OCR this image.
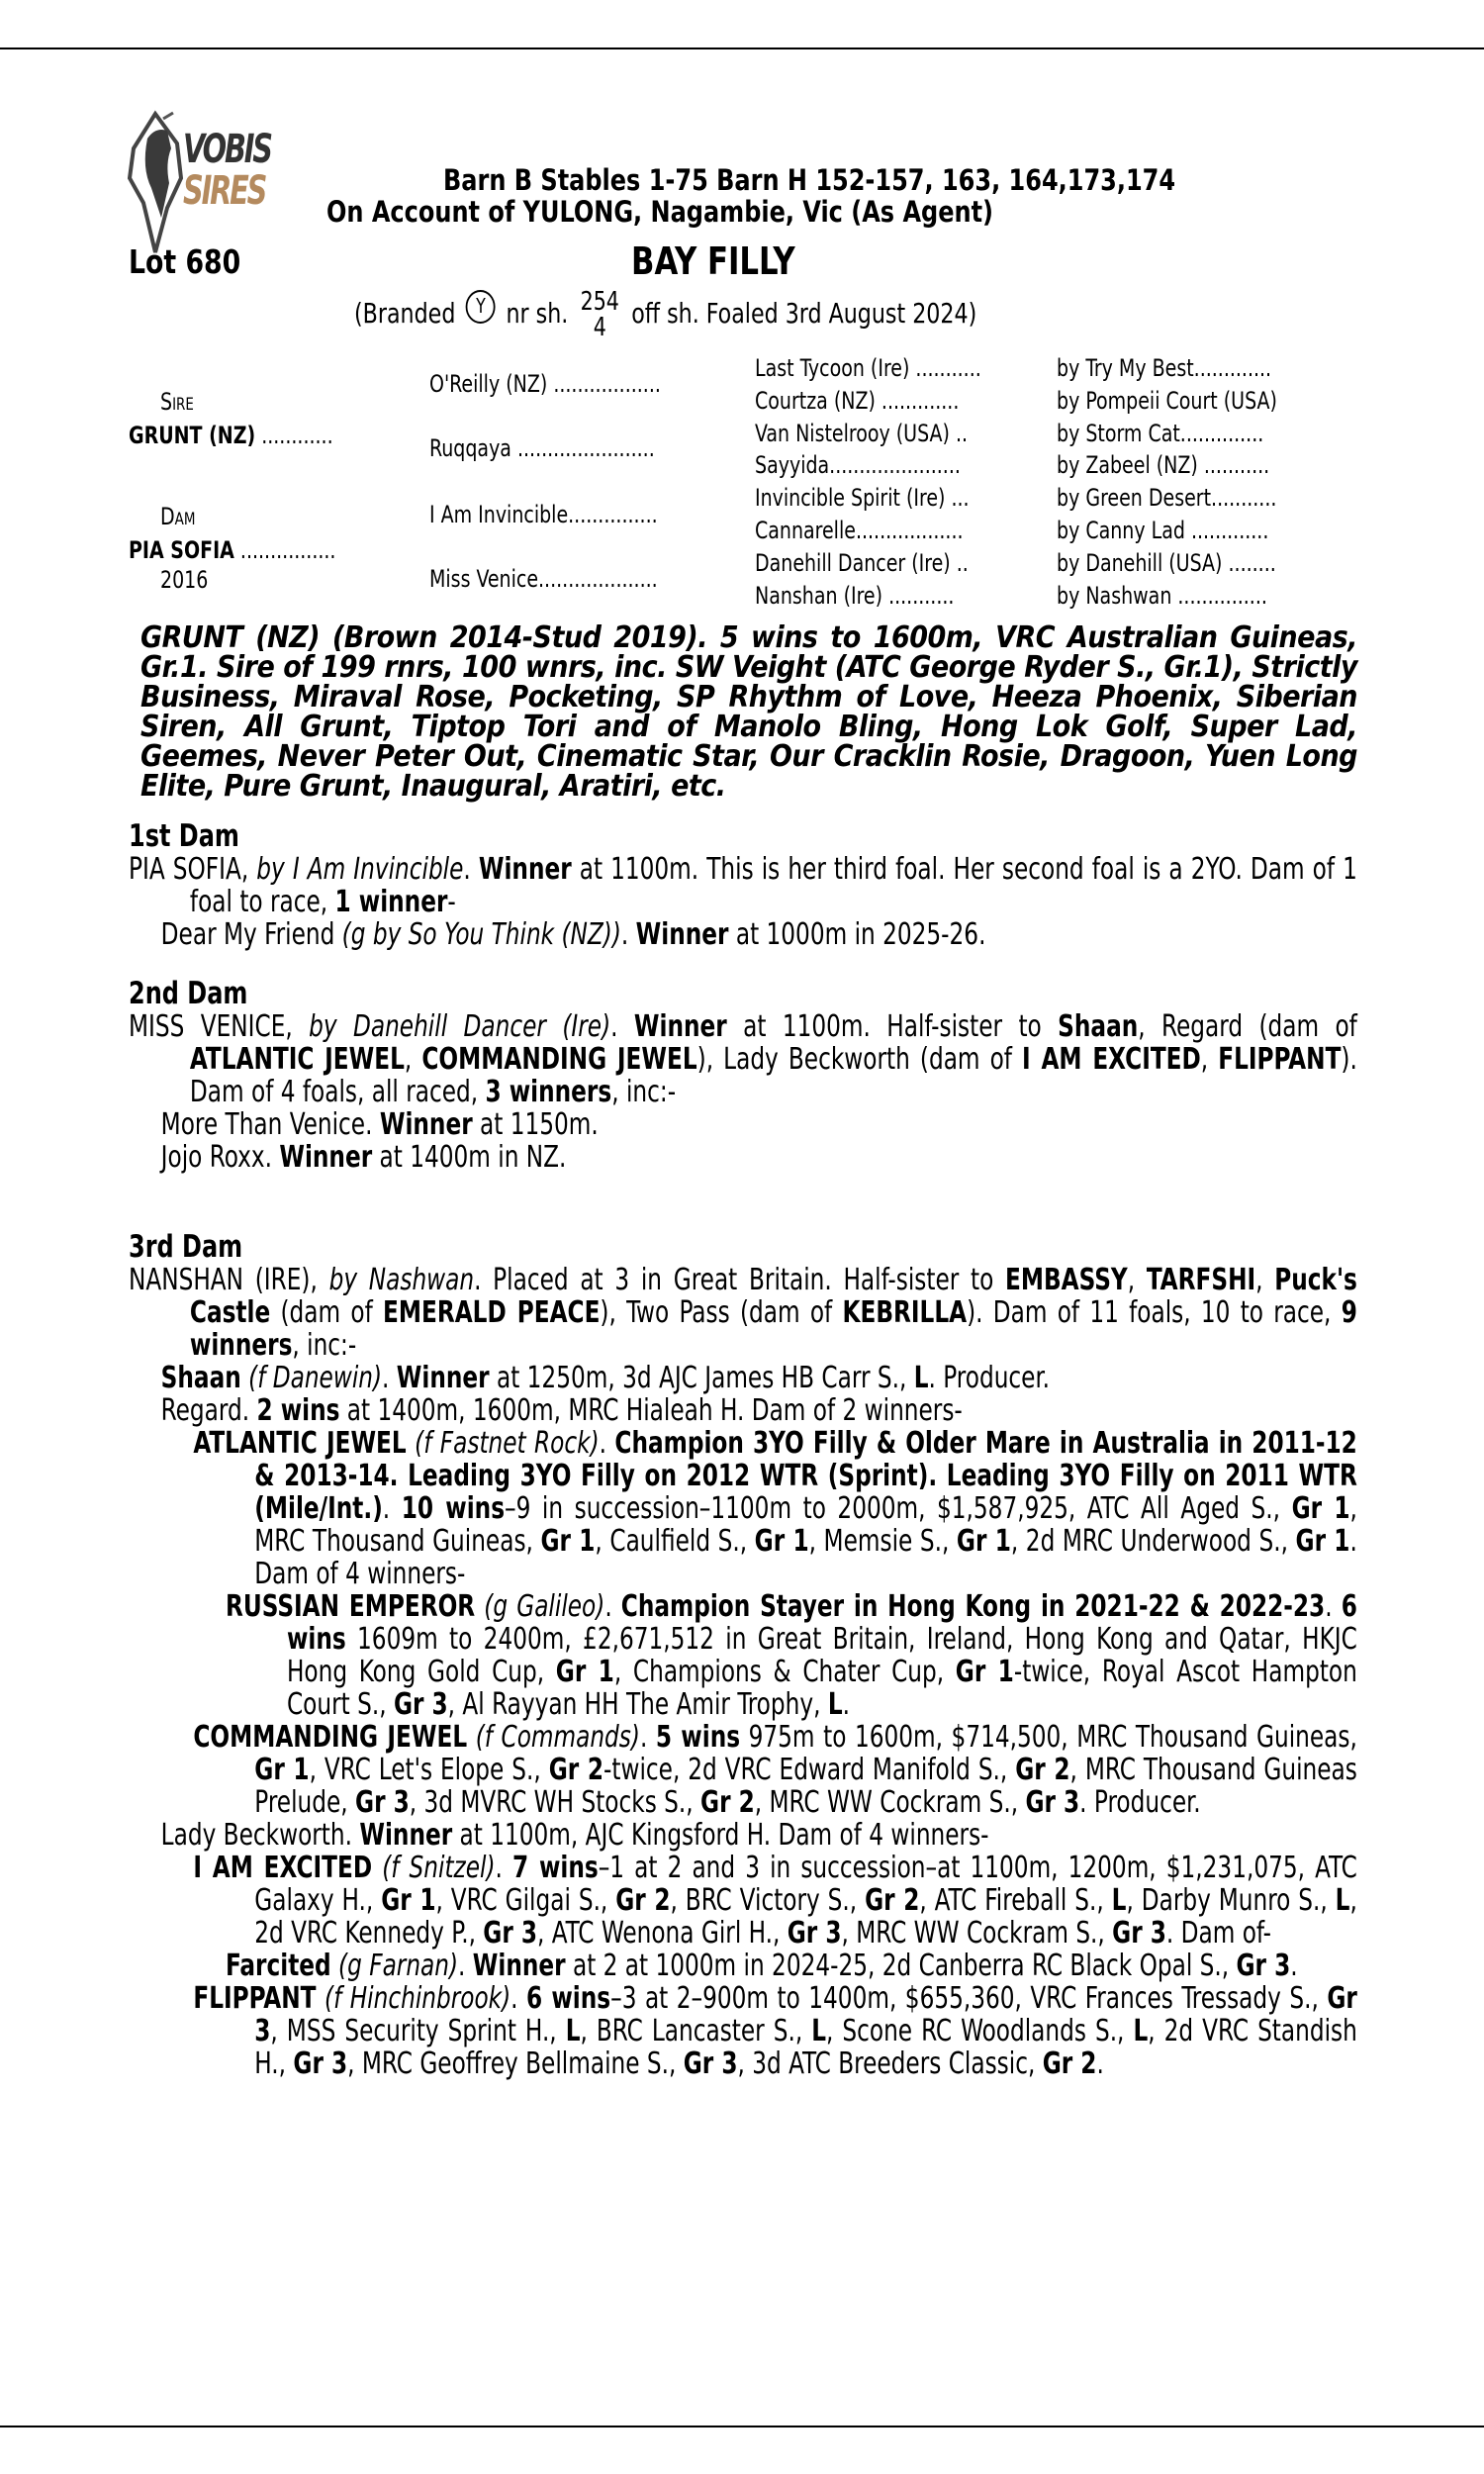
VOBIS
SIRES	Barn B Stables 1-75 Barn H 152-157, 163, 164,173,174
On Account of YULONG, Nagambie, Vic (As Agent)
Lot 680	BAY FILLY
(Branded Y nr sh. 254
4 off sh. Foaled 3rd August 2024)
Sire
GRUNT (NZ) ............
Dam
PIA SOFIA ................
2016
O'Reilly (NZ) ..................
Ruqqaya .......................
I Am Invincible...............
Miss Venice....................
Last Tycoon (Ire) ...........
Courtza (NZ) .............
Van Nistelrooy (USA) ..
Sayyida......................
Invincible Spirit (Ire) ...
Cannarelle..................
Danehill Dancer (Ire) ..
Nanshan (Ire) ...........
by Try My Best.............
by Pompeii Court (USA)
by Storm Cat..............
by Zabeel (NZ) ...........
by Green Desert...........
by Canny Lad .............
by Danehill (USA) ........
by Nashwan ...............
GRUNT (NZ) (Brown 2014-Stud 2019). 5 wins to 1600m, VRC Australian Guineas, Gr.1. Sire of 199 rnrs, 100 wnrs, inc. SW Veight (ATC George Ryder S., Gr.1), Strictly Business, Miraval Rose, Pocketing, SP Rhythm of Love, Heeza Phoenix, Siberian Siren, All Grunt, Tiptop Tori and of Manolo Bling, Hong Lok Golf, Super Lad, Geemes, Never Peter Out, Cinematic Star, Our Cracklin Rosie, Dragoon, Yuen Long Elite, Pure Grunt, Inaugural, Aratiri, etc.
1st Dam
PIA SOFIA, by I Am Invincible. Winner at 1100m. This is her third foal. Her second foal is a 2YO. Dam of 1 foal to race, 1 winner-
Dear My Friend (g by So You Think (NZ)). Winner at 1000m in 2025-26.
2nd Dam
MISS VENICE, by Danehill Dancer (Ire). Winner at 1100m. Half-sister to Shaan, Regard (dam of ATLANTIC JEWEL, COMMANDING JEWEL), Lady Beckworth (dam of I AM EXCITED, FLIPPANT). Dam of 4 foals, all raced, 3 winners, inc:-
More Than Venice. Winner at 1150m.
Jojo Roxx. Winner at 1400m in NZ.
3rd Dam
NANSHAN (IRE), by Nashwan. Placed at 3 in Great Britain. Half-sister to EMBASSY, TARFSHI, Puck's Castle (dam of EMERALD PEACE), Two Pass (dam of KEBRILLA). Dam of 11 foals, 10 to race, 9 winners, inc:-
Shaan (f Danewin). Winner at 1250m, 3d AJC James HB Carr S., L. Producer.
Regard. 2 wins at 1400m, 1600m, MRC Hialeah H. Dam of 2 winners-
ATLANTIC JEWEL (f Fastnet Rock). Champion 3YO Filly & Older Mare in Australia in 2011-12 & 2013-14. Leading 3YO Filly on 2012 WTR (Sprint). Leading 3YO Filly on 2011 WTR (Mile/Int.). 10 wins–9 in succession–1100m to 2000m, $1,587,925, ATC All Aged S., Gr 1, MRC Thousand Guineas, Gr 1, Caulfield S., Gr 1, Memsie S., Gr 1, 2d MRC Underwood S., Gr 1. Dam of 4 winners-
RUSSIAN EMPEROR (g Galileo). Champion Stayer in Hong Kong in 2021-22 & 2022-23. 6 wins 1609m to 2400m, £2,671,512 in Great Britain, Ireland, Hong Kong and Qatar, HKJC Hong Kong Gold Cup, Gr 1, Champions & Chater Cup, Gr 1-twice, Royal Ascot Hampton Court S., Gr 3, Al Rayyan HH The Amir Trophy, L.
COMMANDING JEWEL (f Commands). 5 wins 975m to 1600m, $714,500, MRC Thousand Guineas, Gr 1, VRC Let's Elope S., Gr 2-twice, 2d VRC Edward Manifold S., Gr 2, MRC Thousand Guineas Prelude, Gr 3, 3d MVRC WH Stocks S., Gr 2, MRC WW Cockram S., Gr 3. Producer.
Lady Beckworth. Winner at 1100m, AJC Kingsford H. Dam of 4 winners-
I AM EXCITED (f Snitzel). 7 wins–1 at 2 and 3 in succession–at 1100m, 1200m, $1,231,075, ATC Galaxy H., Gr 1, VRC Gilgai S., Gr 2, BRC Victory S., Gr 2, ATC Fireball S., L, Darby Munro S., L, 2d VRC Kennedy P., Gr 3, ATC Wenona Girl H., Gr 3, MRC WW Cockram S., Gr 3. Dam of-
Farcited (g Farnan). Winner at 2 at 1000m in 2024-25, 2d Canberra RC Black Opal S., Gr 3.
FLIPPANT (f Hinchinbrook). 6 wins–3 at 2–900m to 1400m, $655,360, VRC Frances Tressady S., Gr 3, MSS Security Sprint H., L, BRC Lancaster S., L, Scone RC Woodlands S., L, 2d VRC Standish H., Gr 3, MRC Geoffrey Bellmaine S., Gr 3, 3d ATC Breeders Classic, Gr 2.
